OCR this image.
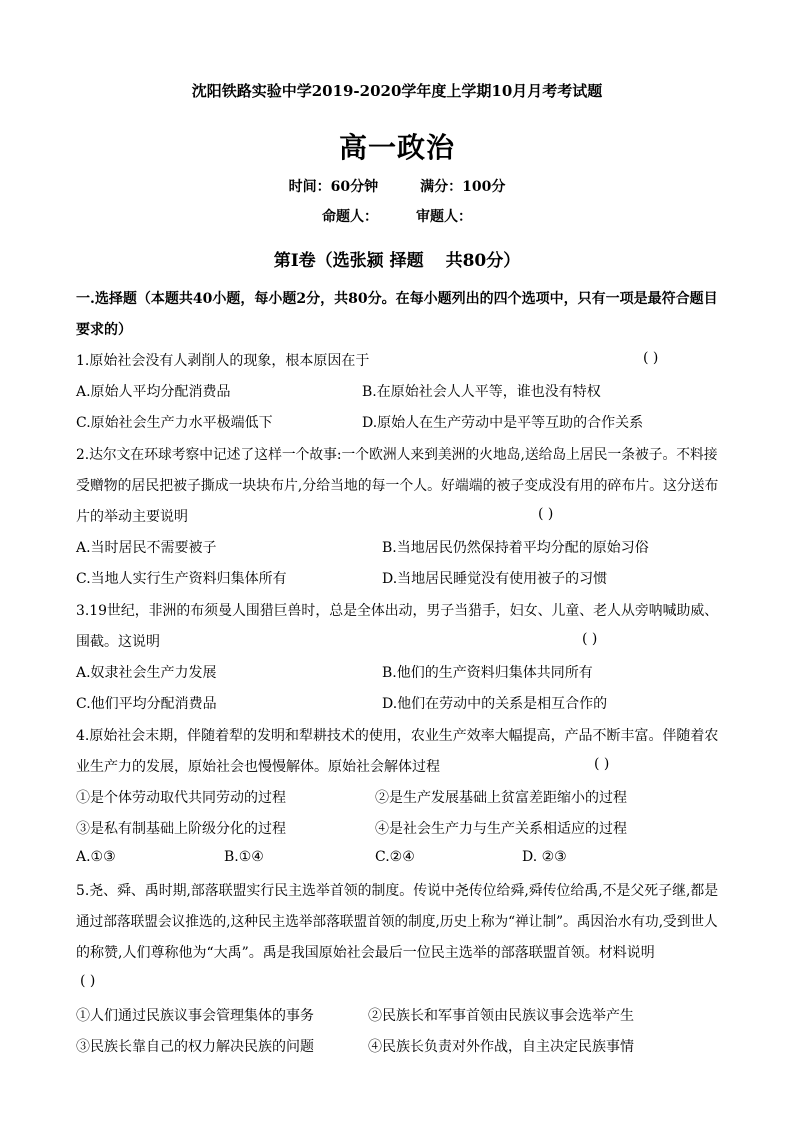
沈阳铁路实验中学2019-2020学年度上学期10月月考考试题
高一政治
时间：60分钟	满分：100分
命题人：	审题人：
第Ⅰ卷（选张颍 择题 共80分）
一.选择题（本题共40小题，每小题2分，共80分。在每小题列出的四个选项中，只有一项是最符合题目
要求的）
1.原始社会没有人剥削人的现象，根本原因在于	( )
A.原始人平均分配消费品	B.在原始社会人人平等，谁也没有特权
C.原始社会生产力水平极端低下	D.原始人在生产劳动中是平等互助的合作关系
2.达尔文在环球考察中记述了这样一个故事:一个欧洲人来到美洲的火地岛,送给岛上居民一条被子。不料接
受赠物的居民把被子撕成一块块布片,分给当地的每一个人。好端端的被子变成没有用的碎布片。这分送布
片的举动主要说明	( )
A.当时居民不需要被子	B.当地居民仍然保持着平均分配的原始习俗
C.当地人实行生产资料归集体所有	D.当地居民睡觉没有使用被子的习惯
3.19世纪，非洲的布须曼人围猎巨兽时，总是全体出动，男子当猎手，妇女、儿童、老人从旁呐喊助威、
围截。这说明	( )
A.奴隶社会生产力发展	B.他们的生产资料归集体共同所有
C.他们平均分配消费品	D.他们在劳动中的关系是相互合作的
4.原始社会末期，伴随着犁的发明和犁耕技术的使用，农业生产效率大幅提高，产品不断丰富。伴随着农
业生产力的发展，原始社会也慢慢解体。原始社会解体过程	( )
①是个体劳动取代共同劳动的过程	②是生产发展基础上贫富差距缩小的过程
③是私有制基础上阶级分化的过程	④是社会生产力与生产关系相适应的过程
A.①③	B.①④	C.②④	D. ②③
5.尧、舜、禹时期,部落联盟实行民主选举首领的制度。传说中尧传位给舜,舜传位给禹,不是父死子继,都是
通过部落联盟会议推选的,这种民主选举部落联盟首领的制度,历史上称为“禅让制”。禹因治水有功,受到世人
的称赞,人们尊称他为“大禹”。禹是我国原始社会最后一位民主选举的部落联盟首领。材料说明
( )
①人们通过民族议事会管理集体的事务	②民族长和军事首领由民族议事会选举产生
③民族长靠自己的权力解决民族的问题	④民族长负责对外作战，自主决定民族事情
